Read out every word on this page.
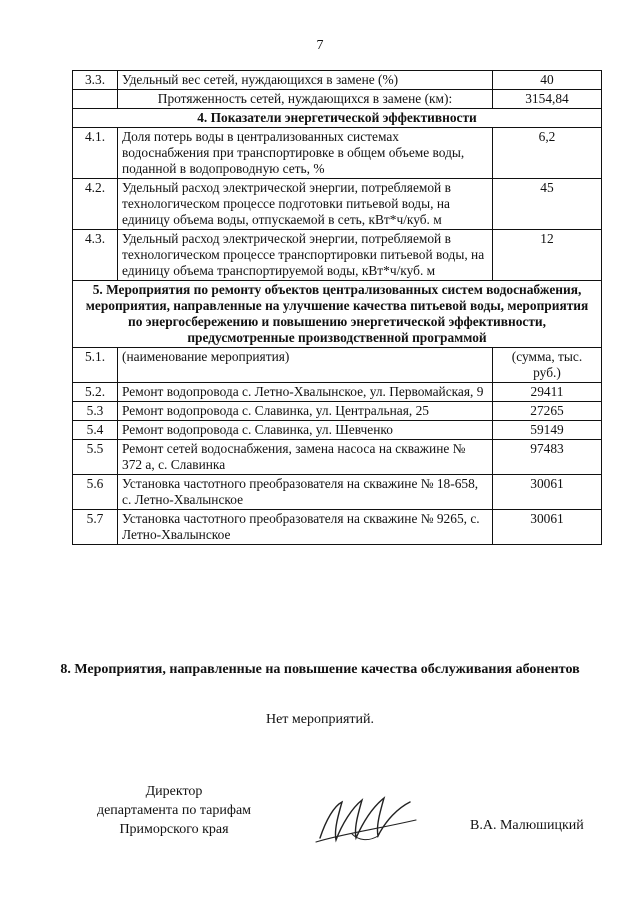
7
3.3.	Удельный вес сетей, нуждающихся в замене (%)	40
	Протяженность сетей, нуждающихся в замене (км):	3154,84
4. Показатели энергетической эффективности		
4.1.	Доля потерь воды в централизованных системах водоснабжения при транспортировке в общем объеме воды, поданной в водопроводную сеть, %	6,2
4.2.	Удельный расход электрической энергии, потребляемой в технологическом процессе подготовки питьевой воды, на единицу объема воды, отпускаемой в сеть, кВт*ч/куб. м	45
4.3.	Удельный расход электрической энергии, потребляемой в технологическом процессе транспортировки питьевой воды, на единицу объема транспортируемой воды, кВт*ч/куб. м	12
5. Мероприятия по ремонту объектов централизованных систем водоснабжения, мероприятия, направленные на улучшение качества питьевой воды, мероприятия по энергосбережению и повышению энергетической эффективности, предусмотренные производственной программой		
5.1.	(наименование мероприятия)	(сумма, тыс. руб.)
5.2.	Ремонт водопровода с. Летно-Хвалынское, ул. Первомайская, 9	29411
5.3	Ремонт водопровода с. Славинка, ул. Центральная, 25	27265
5.4	Ремонт водопровода с. Славинка, ул. Шевченко	59149
5.5	Ремонт сетей водоснабжения, замена насоса на скважине № 372 а, с. Славинка	97483
5.6	Установка частотного преобразователя на скважине № 18-658, с. Летно-Хвалынское	30061
5.7	Установка частотного преобразователя на скважине № 9265, с. Летно-Хвалынское	30061
8. Мероприятия, направленные на повышение качества обслуживания абонентов
Нет мероприятий.
Директор
департамента по тарифам
Приморского края	В.А. Малюшицкий
